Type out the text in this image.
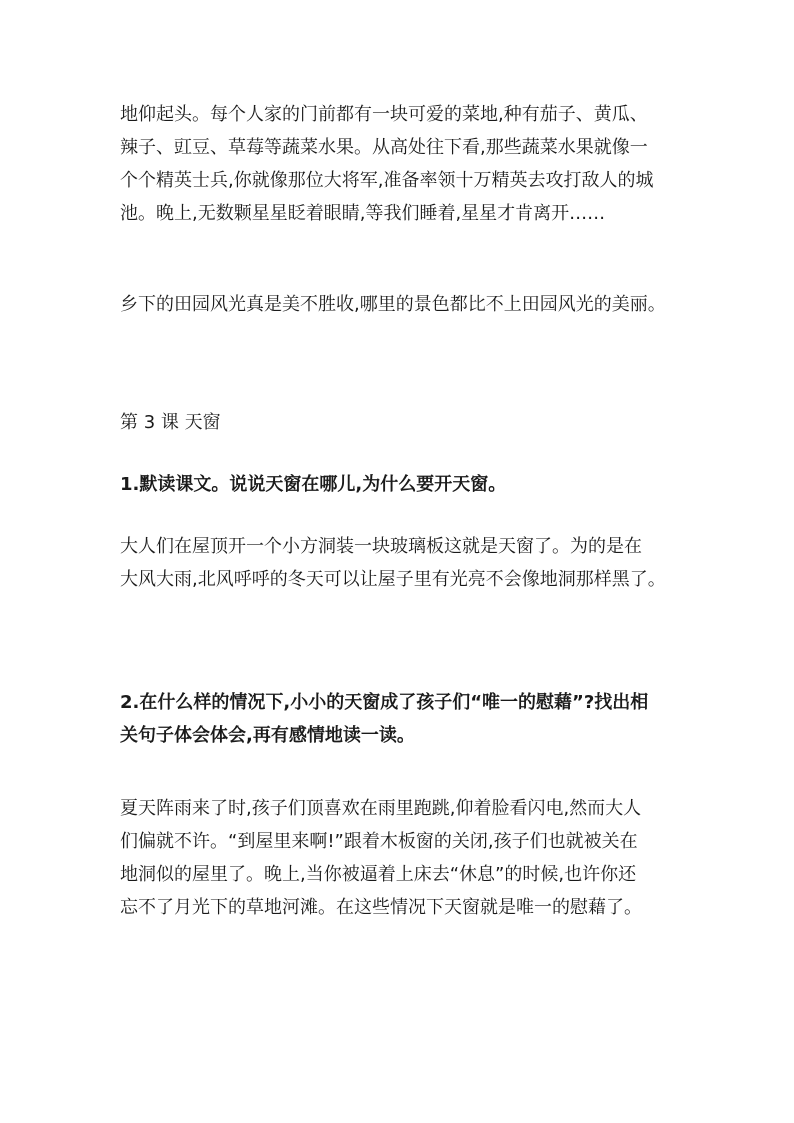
地仰起头。每个人家的门前都有一块可爱的菜地,种有茄子、黄瓜、
辣子、豇豆、草莓等蔬菜水果。从高处往下看,那些蔬菜水果就像一
个个精英士兵,你就像那位大将军,准备率领十万精英去攻打敌人的城
池。晚上,无数颗星星眨着眼睛,等我们睡着,星星才肯离开……
乡下的田园风光真是美不胜收,哪里的景色都比不上田园风光的美丽。
第 3 课 天窗
1.默读课文。说说天窗在哪儿,为什么要开天窗。
大人们在屋顶开一个小方洞装一块玻璃板这就是天窗了。为的是在
大风大雨,北风呼呼的冬天可以让屋子里有光亮不会像地洞那样黑了。
2.在什么样的情况下,小小的天窗成了孩子们“唯一的慰藉”?找出相
关句子体会体会,再有感情地读一读。
夏天阵雨来了时,孩子们顶喜欢在雨里跑跳,仰着脸看闪电,然而大人
们偏就不许。“到屋里来啊!”跟着木板窗的关闭,孩子们也就被关在
地洞似的屋里了。晚上,当你被逼着上床去“休息”的时候,也许你还
忘不了月光下的草地河滩。在这些情况下天窗就是唯一的慰藉了。
